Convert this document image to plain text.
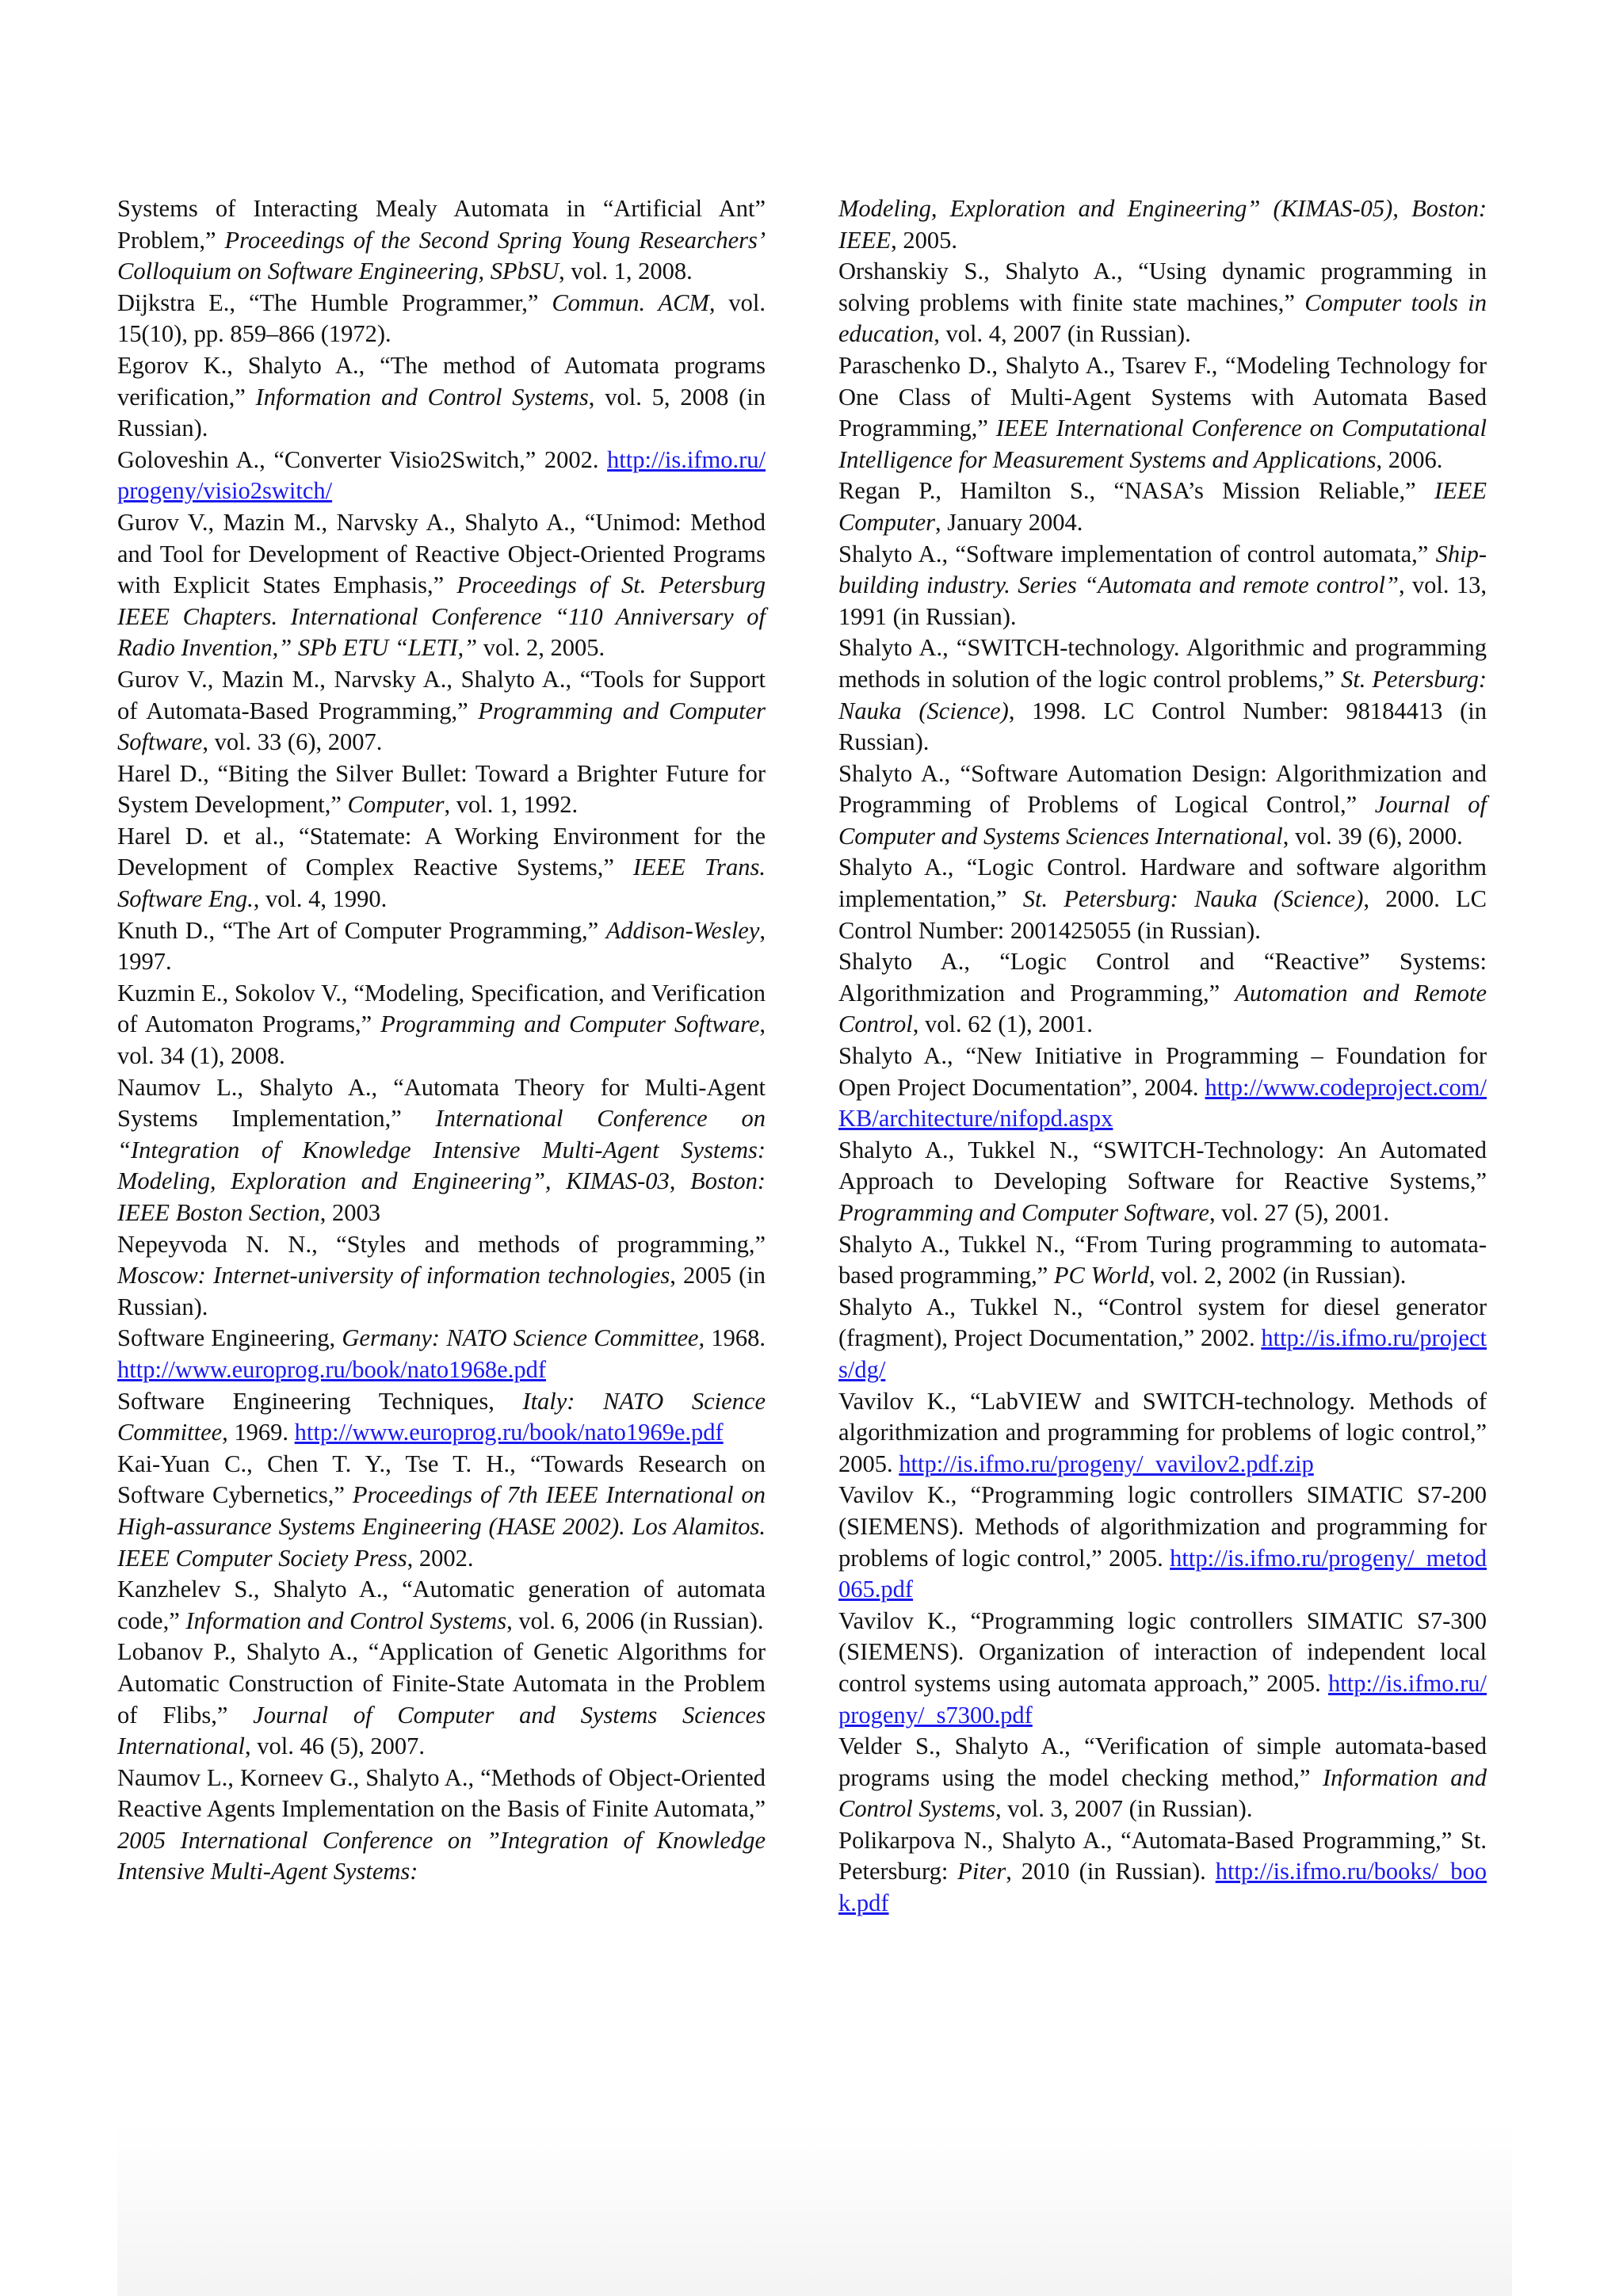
Systems of Interacting Mealy Automata in “Artificial Ant” Problem,” Proceedings of the Second Spring Young Researchers’ Colloquium on Software Engineering, SPbSU, vol. 1, 2008.

Dijkstra E., “The Humble Programmer,” Commun. ACM, vol. 15(10), pp. 859–866 (1972).

Egorov K., Shalyto A., “The method of Automata programs verification,” Information and Control Systems, vol. 5, 2008 (in Russian).

Goloveshin A., “Converter Visio2Switch,” 2002. http://is.ifmo.ru/progeny/visio2switch/

Gurov V., Mazin M., Narvsky A., Shalyto A., “Unimod: Method and Tool for Development of Reactive Object-Oriented Programs with Explicit States Emphasis,” Proceedings of St. Petersburg IEEE Chapters. International Conference “110 Anniversary of Radio Invention,” SPb ETU “LETI,” vol. 2, 2005.

Gurov V., Mazin M., Narvsky A., Shalyto A., “Tools for Support of Automata-Based Programming,” Programming and Computer Software, vol. 33 (6), 2007.

Harel D., “Biting the Silver Bullet: Toward a Brighter Future for System Development,” Computer, vol. 1, 1992.

Harel D. et al., “Statemate: A Working Environment for the Development of Complex Reactive Systems,” IEEE Trans. Software Eng., vol. 4, 1990.

Knuth D., “The Art of Computer Programming,” Addison-Wesley, 1997.

Kuzmin E., Sokolov V., “Modeling, Specification, and Verification of Automaton Programs,” Programming and Computer Software, vol. 34 (1), 2008.

Naumov L., Shalyto A., “Automata Theory for Multi-Agent Systems Implementation,” International Conference on “Integration of Knowledge Intensive Multi-Agent Systems: Modeling, Exploration and Engineering”, KIMAS-03, Boston: IEEE Boston Section, 2003

Nepeyvoda N. N., “Styles and methods of programming,” Moscow: Internet-university of information technologies, 2005 (in Russian).

Software Engineering, Germany: NATO Science Committee, 1968. http://www.europrog.ru/book/nato1968e.pdf

Software Engineering Techniques, Italy: NATO Science Committee, 1969. http://www.europrog.ru/book/nato1969e.pdf

Kai-Yuan C., Chen T. Y., Tse T. H., “Towards Research on Software Cybernetics,” Proceedings of 7th IEEE International on High-assurance Systems Engineering (HASE 2002). Los Alamitos. IEEE Computer Society Press, 2002.

Kanzhelev S., Shalyto A., “Automatic generation of automata code,” Information and Control Systems, vol. 6, 2006 (in Russian).

Lobanov P., Shalyto A., “Application of Genetic Algorithms for Automatic Construction of Finite-State Automata in the Problem of Flibs,” Journal of Computer and Systems Sciences International, vol. 46 (5), 2007.

Naumov L., Korneev G., Shalyto A., “Methods of Object-Oriented Reactive Agents Implementation on the Basis of Finite Automata,” 2005 International Conference on ”Integration of Knowledge Intensive Multi-Agent Systems:

Modeling, Exploration and Engineering” (KIMAS-05), Boston: IEEE, 2005.

Orshanskiy S., Shalyto A., “Using dynamic programming in solving problems with finite state machines,” Computer tools in education, vol. 4, 2007 (in Russian).

Paraschenko D., Shalyto A., Tsarev F., “Modeling Technology for One Class of Multi-Agent Systems with Automata Based Programming,” IEEE International Conference on Computational Intelligence for Measurement Systems and Applications, 2006.

Regan P., Hamilton S., “NASA’s Mission Reliable,” IEEE Computer, January 2004.

Shalyto A., “Software implementation of control automata,” Ship-building industry. Series “Automata and remote control”, vol. 13, 1991 (in Russian).

Shalyto A., “SWITCH-technology. Algorithmic and programming methods in solution of the logic control problems,” St. Petersburg: Nauka (Science), 1998. LC Control Number: 98184413 (in Russian).

Shalyto A., “Software Automation Design: Algorithmization and Programming of Problems of Logical Control,” Journal of Computer and Systems Sciences International, vol. 39 (6), 2000.

Shalyto A., “Logic Control. Hardware and software algorithm implementation,” St. Petersburg: Nauka (Science), 2000. LC Control Number: 2001425055 (in Russian).

Shalyto A., “Logic Control and “Reactive” Systems: Algorithmization and Programming,” Automation and Remote Control, vol. 62 (1), 2001.

Shalyto A., “New Initiative in Programming – Foundation for Open Project Documentation”, 2004. http://www.codeproject.com/KB/architecture/nifopd.aspx

Shalyto A., Tukkel N., “SWITCH-Technology: An Automated Approach to Developing Software for Reactive Systems,” Programming and Computer Software, vol. 27 (5), 2001.

Shalyto A., Tukkel N., “From Turing programming to automata-based programming,” PC World, vol. 2, 2002 (in Russian).

Shalyto A., Tukkel N., “Control system for diesel generator (fragment), Project Documentation,” 2002. http://is.ifmo.ru/projects/dg/

Vavilov K., “LabVIEW and SWITCH-technology. Methods of algorithmization and programming for problems of logic control,” 2005. http://is.ifmo.ru/progeny/_vavilov2.pdf.zip

Vavilov K., “Programming logic controllers SIMATIC S7-200 (SIEMENS). Methods of algorithmization and programming for problems of logic control,” 2005. http://is.ifmo.ru/progeny/_metod065.pdf

Vavilov K., “Programming logic controllers SIMATIC S7-300 (SIEMENS). Organization of interaction of independent local control systems using automata approach,” 2005. http://is.ifmo.ru/progeny/_s7300.pdf

Velder S., Shalyto A., “Verification of simple automata-based programs using the model checking method,” Information and Control Systems, vol. 3, 2007 (in Russian).

Polikarpova N., Shalyto A., “Automata-Based Programming,” St. Petersburg: Piter, 2010 (in Russian). http://is.ifmo.ru/books/_book.pdf
